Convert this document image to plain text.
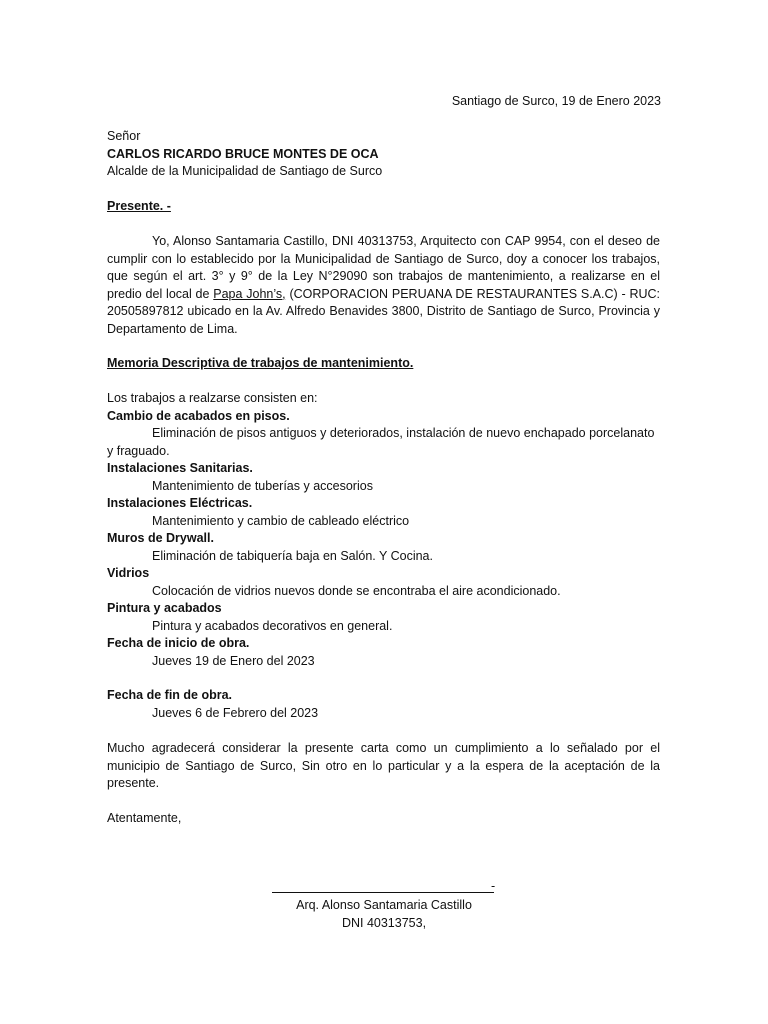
Santiago de Surco, 19 de Enero 2023
Señor
CARLOS RICARDO BRUCE MONTES DE OCA
Alcalde de la Municipalidad de Santiago de Surco
Presente. -

Yo, Alonso Santamaria Castillo, DNI 40313753, Arquitecto con CAP 9954, con el deseo de cumplir con lo establecido por la Municipalidad de Santiago de Surco, doy a conocer los trabajos, que según el art. 3° y 9° de la Ley N°29090 son trabajos de mantenimiento, a realizarse en el predio del local de Papa John’s, (CORPORACION PERUANA DE RESTAURANTES S.A.C) - RUC: 20505897812 ubicado en la Av. Alfredo Benavides 3800, Distrito de Santiago de Surco, Provincia y Departamento de Lima.

Memoria Descriptiva de trabajos de mantenimiento.
Los trabajos a realzarse consisten en:
Cambio de acabados en pisos.
Eliminación de pisos antiguos y deteriorados, instalación de nuevo enchapado porcelanato
y fraguado.
Instalaciones Sanitarias.
Mantenimiento de tuberías y accesorios
Instalaciones Eléctricas.
Mantenimiento y cambio de cableado eléctrico
Muros de Drywall.
Eliminación de tabiquería baja en Salón. Y Cocina.
Vidrios
Colocación de vidrios nuevos donde se encontraba el aire acondicionado.
Pintura y acabados
Pintura y acabados decorativos en general.
Fecha de inicio de obra.
Jueves 19 de Enero del 2023
Fecha de fin de obra.
Jueves 6 de Febrero del 2023

Mucho agradecerá considerar la presente carta como un cumplimiento a lo señalado por el municipio de Santiago de Surco, Sin otro en lo particular y a la espera de la aceptación de la presente.

Atentamente,
-
Arq. Alonso Santamaria Castillo
DNI 40313753,
